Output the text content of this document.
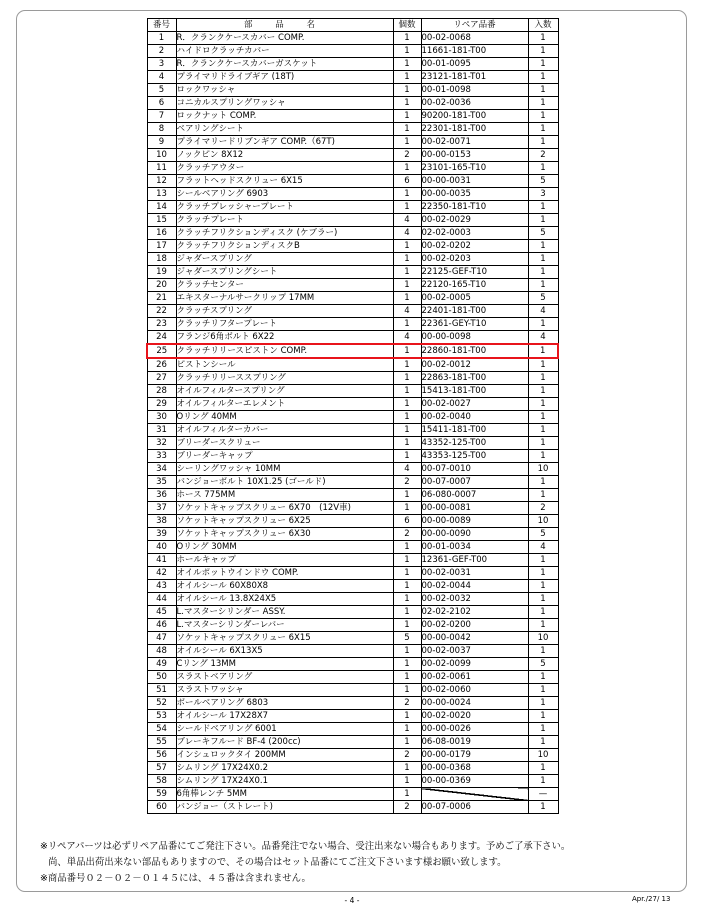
番号	部 品 名	個数	リペア品番	入数
1	R．クランクケースカバー COMP.	1	00-02-0068	1
2	ハイドロクラッチカバー	1	11661-181-T00	1
3	R．クランクケースカバーガスケット	1	00-01-0095	1
4	プライマリドライブギア (18T)	1	23121-181-T01	1
5	ロックワッシャ	1	00-01-0098	1
6	コニカルスプリングワッシャ	1	00-02-0036	1
7	ロックナット COMP.	1	90200-181-T00	1
8	ベアリングシート	1	22301-181-T00	1
9	プライマリードリブンギア COMP.（67T)	1	00-02-0071	1
10	ノックピン 8X12	2	00-00-0153	2
11	クラッチアウター	1	23101-165-T10	1
12	フラットヘッドスクリュー 6X15	6	00-00-0031	5
13	シールベアリング 6903	1	00-00-0035	3
14	クラッチプレッシャープレート	1	22350-181-T10	1
15	クラッチプレート	4	00-02-0029	1
16	クラッチフリクションディスク (ケブラー)	4	02-02-0003	5
17	クラッチフリクションディスクB	1	00-02-0202	1
18	ジャダースプリング	1	00-02-0203	1
19	ジャダースプリングシート	1	22125-GEF-T10	1
20	クラッチセンター	1	22120-165-T10	1
21	エキスターナルサークリップ 17MM	1	00-02-0005	5
22	クラッチスプリング	4	22401-181-T00	4
23	クラッチリフタープレート	1	22361-GEY-T10	1
24	フランジ6角ボルト 6X22	4	00-00-0098	4
25	クラッチリリースピストン COMP.	1	22860-181-T00	1
26	ピストンシール	1	00-02-0012	1
27	クラッチリリーススプリング	1	22863-181-T00	1
28	オイルフィルタースプリング	1	15413-181-T00	1
29	オイルフィルターエレメント	1	00-02-0027	1
30	Oリング 40MM	1	00-02-0040	1
31	オイルフィルターカバー	1	15411-181-T00	1
32	ブリーダースクリュー	1	43352-125-T00	1
33	ブリーダーキャップ	1	43353-125-T00	1
34	シーリングワッシャ 10MM	4	00-07-0010	10
35	バンジョーボルト 10X1.25 (ゴールド)	2	00-07-0007	1
36	ホース 775MM	1	06-080-0007	1
37	ソケットキャップスクリュー 6X70　(12V車)	1	00-00-0081	2
38	ソケットキャップスクリュー 6X25	6	00-00-0089	10
39	ソケットキャップスクリュー 6X30	2	00-00-0090	5
40	Oリング 30MM	1	00-01-0034	4
41	ホールキャップ	1	12361-GEF-T00	1
42	オイルポットウインドウ COMP.	1	00-02-0031	1
43	オイルシール 60X80X8	1	00-02-0044	1
44	オイルシール 13.8X24X5	1	00-02-0032	1
45	L.マスターシリンダー ASSY.	1	02-02-2102	1
46	L.マスターシリンダーレバー	1	00-02-0200	1
47	ソケットキャップスクリュー 6X15	5	00-00-0042	10
48	オイルシール 6X13X5	1	00-02-0037	1
49	Cリング 13MM	1	00-02-0099	5
50	スラストベアリング	1	00-02-0061	1
51	スラストワッシャ	1	00-02-0060	1
52	ボールベアリング 6803	2	00-00-0024	1
53	オイルシール 17X28X7	1	00-02-0020	1
54	シールドベアリング 6001	1	00-00-0026	1
55	ブレーキフルード BF-4 (200cc)	1	06-08-0019	1
56	インシュロックタイ 200MM	2	00-00-0179	10
57	シムリング 17X24X0.2	1	00-00-0368	1
58	シムリング 17X24X0.1	1	00-00-0369	1
59	6角棒レンチ 5MM	1		—
60	バンジョー（ストレート)	2	00-07-0006	1
※リペアパーツは必ずリペア品番にてご発注下さい。品番発注でない場合、受注出来ない場合もあります。予めご了承下さい。
尚、単品出荷出来ない部品もありますので、その場合はセット品番にてご注文下さいます様お願い致します。
※商品番号０２－０２－０１４５には、４５番は含まれません。
- 4 -	Apr./27/ 13
